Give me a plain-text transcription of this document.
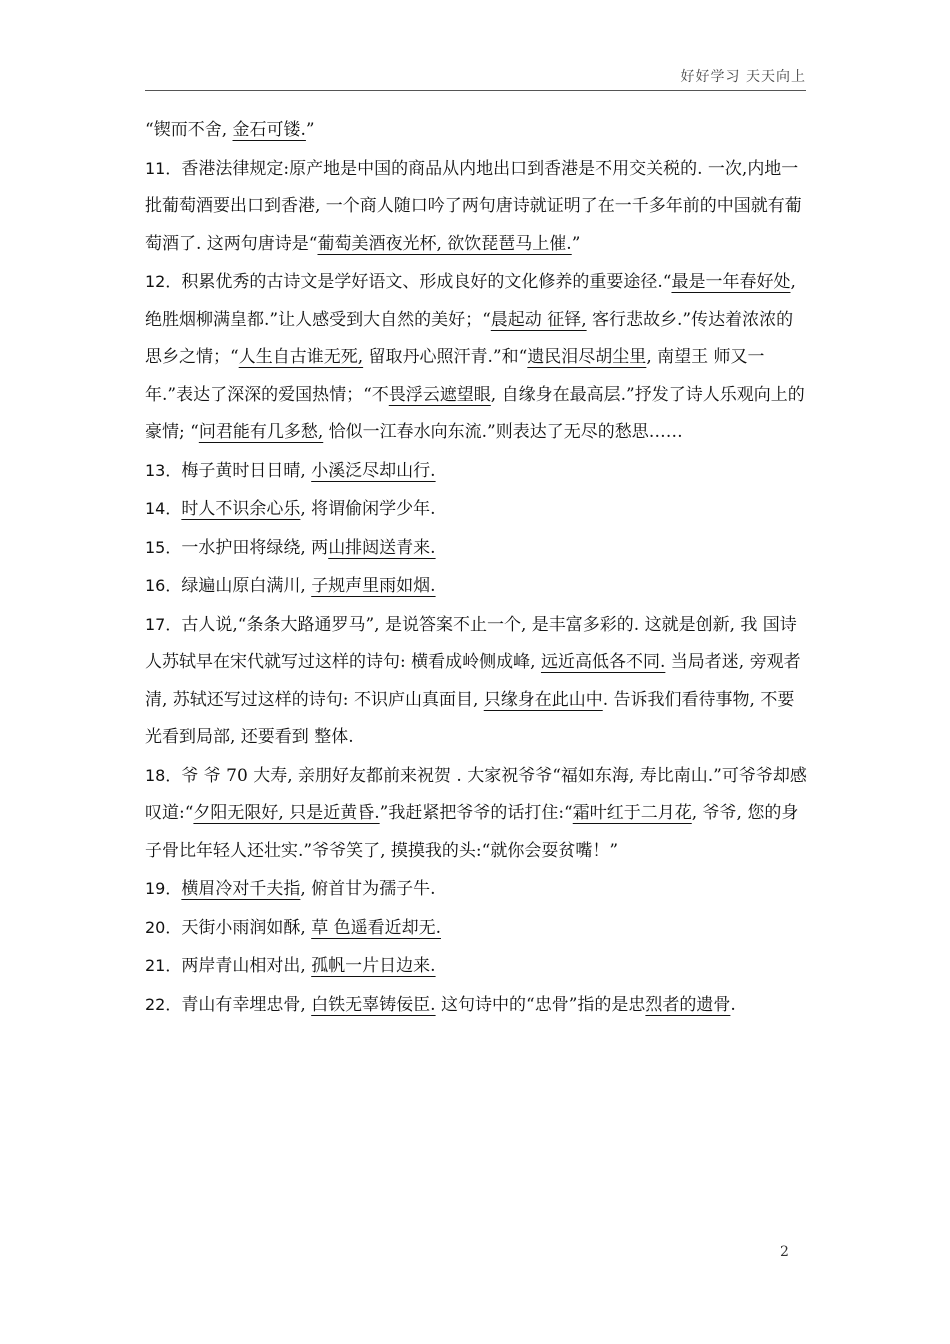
好好学习 天天向上

“锲而不舍, 金石可镂.”

11．香港法律规定:原产地是中国的商品从内地出口到香港是不用交关税的. 一次,内地一批葡萄酒要出口到香港, 一个商人随口吟了两句唐诗就证明了在一千多年前的中国就有葡萄酒了. 这两句唐诗是“葡萄美酒夜光杯, 欲饮琵琶马上催.”

12．积累优秀的古诗文是学好语文、形成良好的文化修养的重要途径.“最是一年春好处, 绝胜烟柳满皇都.”让人感受到大自然的美好；“晨起动 征铎, 客行悲故乡.”传达着浓浓的思乡之情；“人生自古谁无死, 留取丹心照汗青.”和“遗民泪尽胡尘里, 南望王 师又一年.”表达了深深的爱国热情；“不畏浮云遮望眼, 自缘身在最高层.”抒发了诗人乐观向上的豪情; “问君能有几多愁, 恰似一江春水向东流.”则表达了无尽的愁思……

13．梅子黄时日日晴, 小溪泛尽却山行.

14．时人不识余心乐, 将谓偷闲学少年.

15．一水护田将绿绕, 两山排闼送青来.

16．绿遍山原白满川, 子规声里雨如烟.

17．古人说,“条条大路通罗马”, 是说答案不止一个, 是丰富多彩的. 这就是创新, 我 国诗人苏轼早在宋代就写过这样的诗句: 横看成岭侧成峰, 远近高低各不同. 当局者迷, 旁观者清, 苏轼还写过这样的诗句: 不识庐山真面目, 只缘身在此山中. 告诉我们看待事物, 不要光看到局部, 还要看到 整体.

18．爷 爷 70 大寿, 亲朋好友都前来祝贺 . 大家祝爷爷“福如东海, 寿比南山.”可爷爷却感叹道:“夕阳无限好, 只是近黄昏.”我赶紧把爷爷的话打住:“霜叶红于二月花, 爷爷, 您的身子骨比年轻人还壮实.”爷爷笑了, 摸摸我的头:“就你会耍贫嘴！”

19．横眉冷对千夫指, 俯首甘为孺子牛.

20．天街小雨润如酥, 草 色遥看近却无.

21．两岸青山相对出, 孤帆一片日边来.

22．青山有幸埋忠骨, 白铁无辜铸佞臣. 这句诗中的“忠骨”指的是忠烈者的遗骨.

2
